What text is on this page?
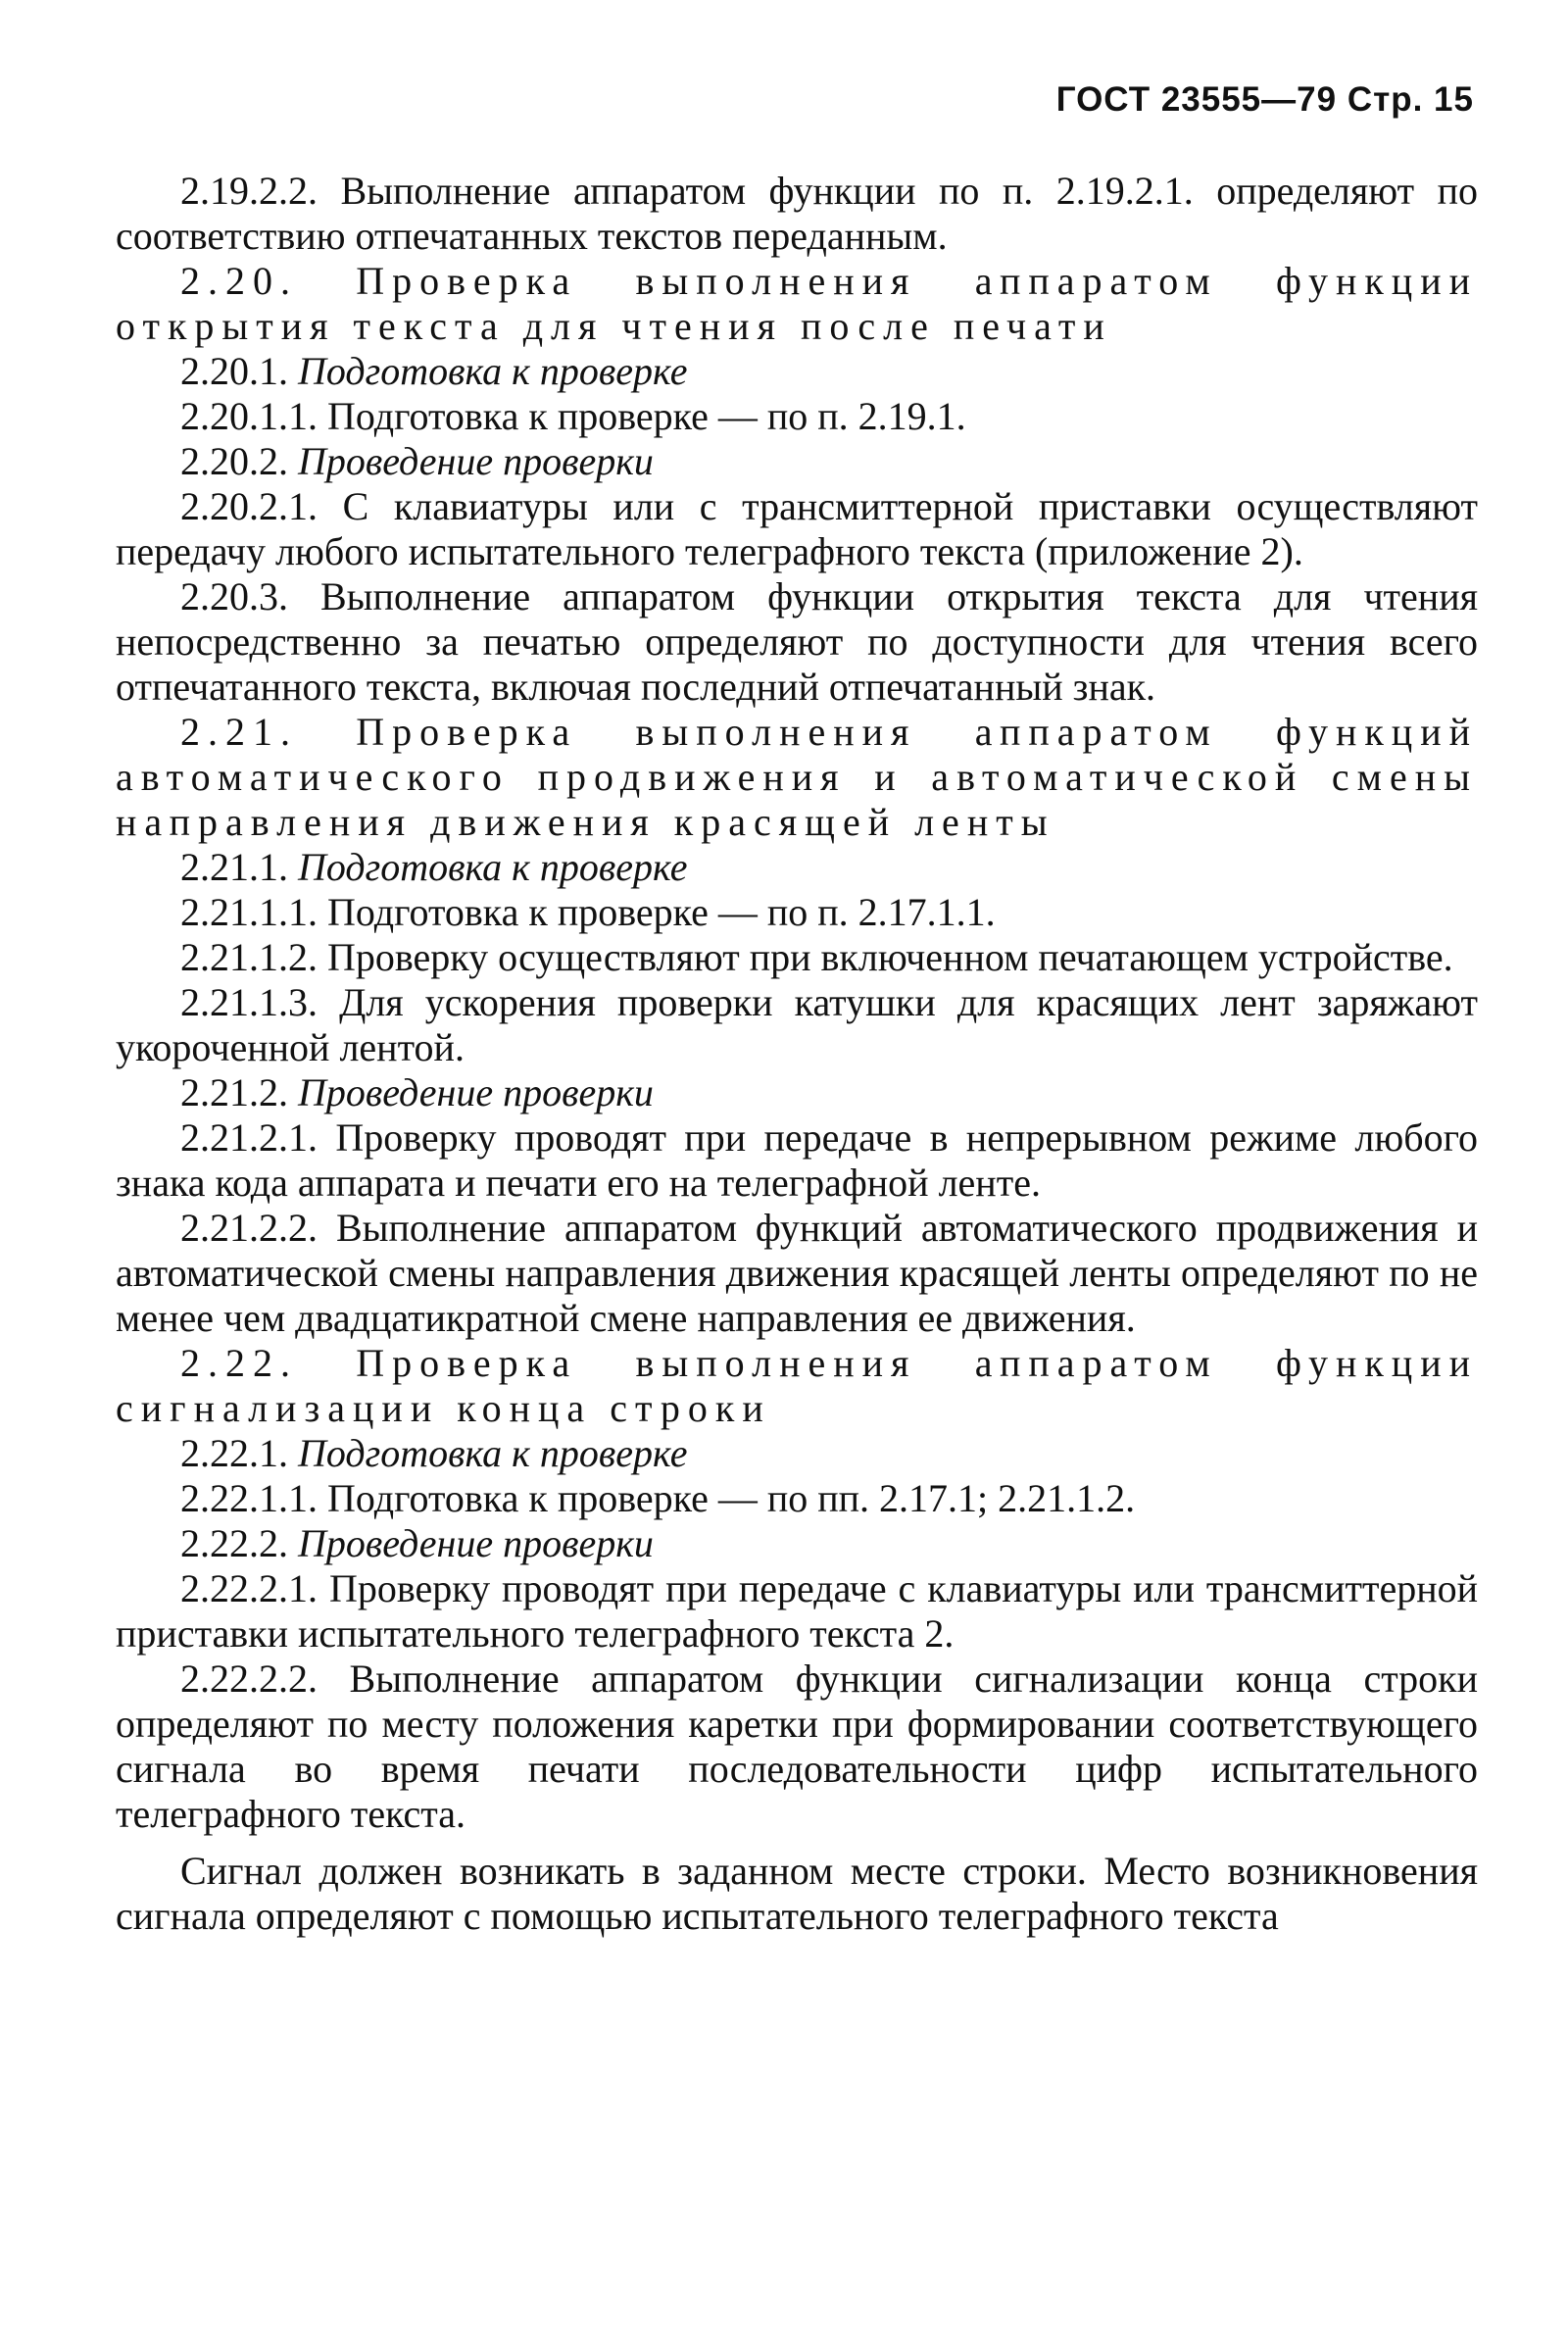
ГОСТ 23555—79 Стр. 15

2.19.2.2. Выполнение аппаратом функции по п. 2.19.2.1. определяют по соответствию отпечатанных текстов переданным.

2.20. Проверка выполнения аппаратом функции открытия текста для чтения после печати

2.20.1. Подготовка к проверке

2.20.1.1. Подготовка к проверке — по п. 2.19.1.

2.20.2. Проведение проверки

2.20.2.1. С клавиатуры или с трансмиттерной приставки осуществляют передачу любого испытательного телеграфного текста (приложение 2).

2.20.3. Выполнение аппаратом функции открытия текста для чтения непосредственно за печатью определяют по доступности для чтения всего отпечатанного текста, включая последний отпечатанный знак.

2.21. Проверка выполнения аппаратом функций автоматического продвижения и автоматической смены направления движения красящей ленты

2.21.1. Подготовка к проверке

2.21.1.1. Подготовка к проверке — по п. 2.17.1.1.

2.21.1.2. Проверку осуществляют при включенном печатающем устройстве.

2.21.1.3. Для ускорения проверки катушки для красящих лент заряжают укороченной лентой.

2.21.2. Проведение проверки

2.21.2.1. Проверку проводят при передаче в непрерывном режиме любого знака кода аппарата и печати его на телеграфной ленте.

2.21.2.2. Выполнение аппаратом функций автоматического продвижения и автоматической смены направления движения красящей ленты определяют по не менее чем двадцатикратной смене направления ее движения.

2.22. Проверка выполнения аппаратом функции сигнализации конца строки

2.22.1. Подготовка к проверке

2.22.1.1. Подготовка к проверке — по пп. 2.17.1; 2.21.1.2.

2.22.2. Проведение проверки

2.22.2.1. Проверку проводят при передаче с клавиатуры или трансмиттерной приставки испытательного телеграфного текста 2.

2.22.2.2. Выполнение аппаратом функции сигнализации конца строки определяют по месту положения каретки при формировании соответствующего сигнала во время печати последовательности цифр испытательного телеграфного текста.

Сигнал должен возникать в заданном месте строки. Место возникновения сигнала определяют с помощью испытательного телеграфного текста
